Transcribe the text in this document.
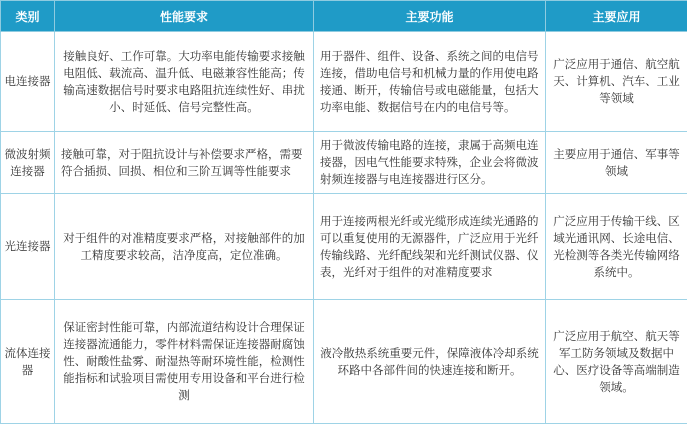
类别	性能要求	主要功能	主要应用
电连接器	接触良好、工作可靠。大功率电能传输要求接触电阻低、载流高、温升低、电磁兼容性能高；传输高速数据信号时要求电路阻抗连续性好、串扰小、时延低、信号完整性高。	用于器件、组件、设备、系统之间的电信号连接，借助电信号和机械力量的作用使电路接通、断开，传输信号或电磁能量，包括大功率电能、数据信号在内的电信号等。	广泛应用于通信、航空航天、计算机、汽车、工业等领域
微波射频连接器	接触可靠，对于阻抗设计与补偿要求严格，需要符合插损、回损、相位和三阶互调等性能要求	用于微波传输电路的连接，隶属于高频电连接器，因电气性能要求特殊，企业会将微波射频连接器与电连接器进行区分。	主要应用于通信、军事等领域
光连接器	对于组件的对准精度要求严格，对接触部件的加工精度要求较高，洁净度高，定位准确。	用于连接两根光纤或光缆形成连续光通路的可以重复使用的无源器件，广泛应用于光纤传输线路、光纤配线架和光纤测试仪器、仪表，光纤对于组件的对准精度要求	广泛应用于传输干线、区域光通讯网、长途电信、光检测等各类光传输网络系统中。
流体连接器	保证密封性能可靠，内部流道结构设计合理保证连接器流通能力，零件材料需保证连接器耐腐蚀性、耐酸性盐雾、耐湿热等耐环境性能，检测性能指标和试验项目需使用专用设备和平台进行检测	液冷散热系统重要元件，保障液体冷却系统环路中各部件间的快速连接和断开。	广泛应用于航空、航天等军工防务领域及数据中心、医疗设备等高端制造领域。
